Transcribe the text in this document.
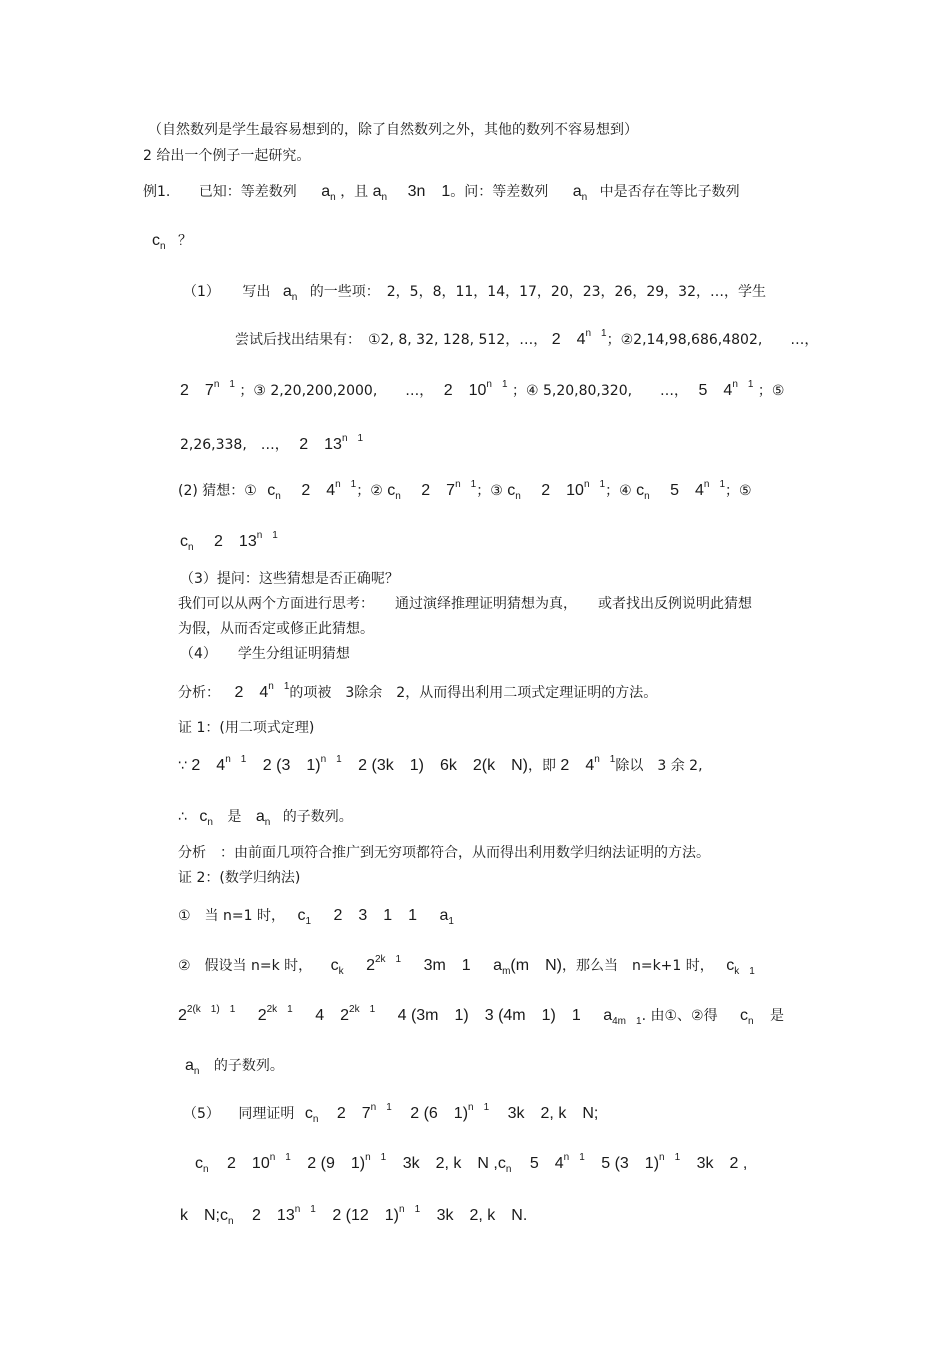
（自然数列是学生最容易想到的，除了自然数列之外，其他的数列不容易想到）
2 给出一个例子一起研究。
例1. 已知：等差数列 $a_n$ ，且 $a_n$ 3n　1。问：等差数列 $a_n$ 中是否存在等比子数列
$c_n$ ？
（1） 写出 $a_n$ 的一些项：　2，5，8，11，14，17，20，23，26，29，32，…，学生
尝试后找出结果有：　①2, 8, 32, 128, 512，…， 2　$4^{n 1}$；②2,14,98,686,4802,　　…，
2　$7^{n 1}$ ；③ 2,20,200,2000,　　…， 2　$10^{n 1}$ ；④ 5,20,80,320,　　…， 5　$4^{n 1}$ ；⑤
2,26,338,　…， 2　$13^{n 1}$
(2) 猜想：① $c_n$ 2　$4^{n 1}$；② $c_n$ 2　$7^{n 1}$；③ $c_n$ 2　$10^{n 1}$；④ $c_n$ 5　$4^{n 1}$；⑤
$c_n$ 2　$13^{n 1}$
（3）提问：这些猜想是否正确呢？
我们可以从两个方面进行思考：　　通过演绎推理证明猜想为真，　　或者找出反例说明此猜想
为假，从而否定或修正此猜想。
（4）　　学生分组证明猜想
分析： 2　$4^{n 1}$的项被　3除余　2，从而得出利用二项式定理证明的方法。
证 1：(用二项式定理)
∵ 2　$4^{n 1}$ 2 (3　1)$^{n 1}$ 2 (3k　1)　6k　2(k　N)，即 2　$4^{n 1}$除以　3 余 2,
∴ $c_n$ 是 $a_n$ 的子数列。
分析　：由前面几项符合推广到无穷项都符合，从而得出利用数学归纳法证明的方法。
证 2：(数学归纳法)
①　当 n=1 时， $c_1$ 2　3　1　1 $a_1$
②　假设当 n=k 时， $c_k$ $2^{2k 1}$ 3m　1 $a_m(m$　N)，那么当　n=k+1 时， $c_{k 1}$
$2^{2(k 1) 1}$ $2^{2k 1}$ 4　$2^{2k 1}$ 4 (3m　1)　3 (4m　1)　1 $a_{4m 1}$. 由①、②得 $c_n$ 是
$a_n$ 的子数列。
（5） 同理证明 $c_n$ 2　$7^{n 1}$ 2 (6　1)$^{n 1}$ 3k　2, k　N;
$c_n$ 2　$10^{n 1}$ 2 (9　1)$^{n 1}$ 3k　2, k　N $,c_n$ 5　$4^{n 1}$ 5 (3　1)$^{n 1}$ 3k　2 ,
k　$N;c_n$ 2　$13^{n 1}$ 2 (12　1)$^{n 1}$ 3k　2, k　N.
